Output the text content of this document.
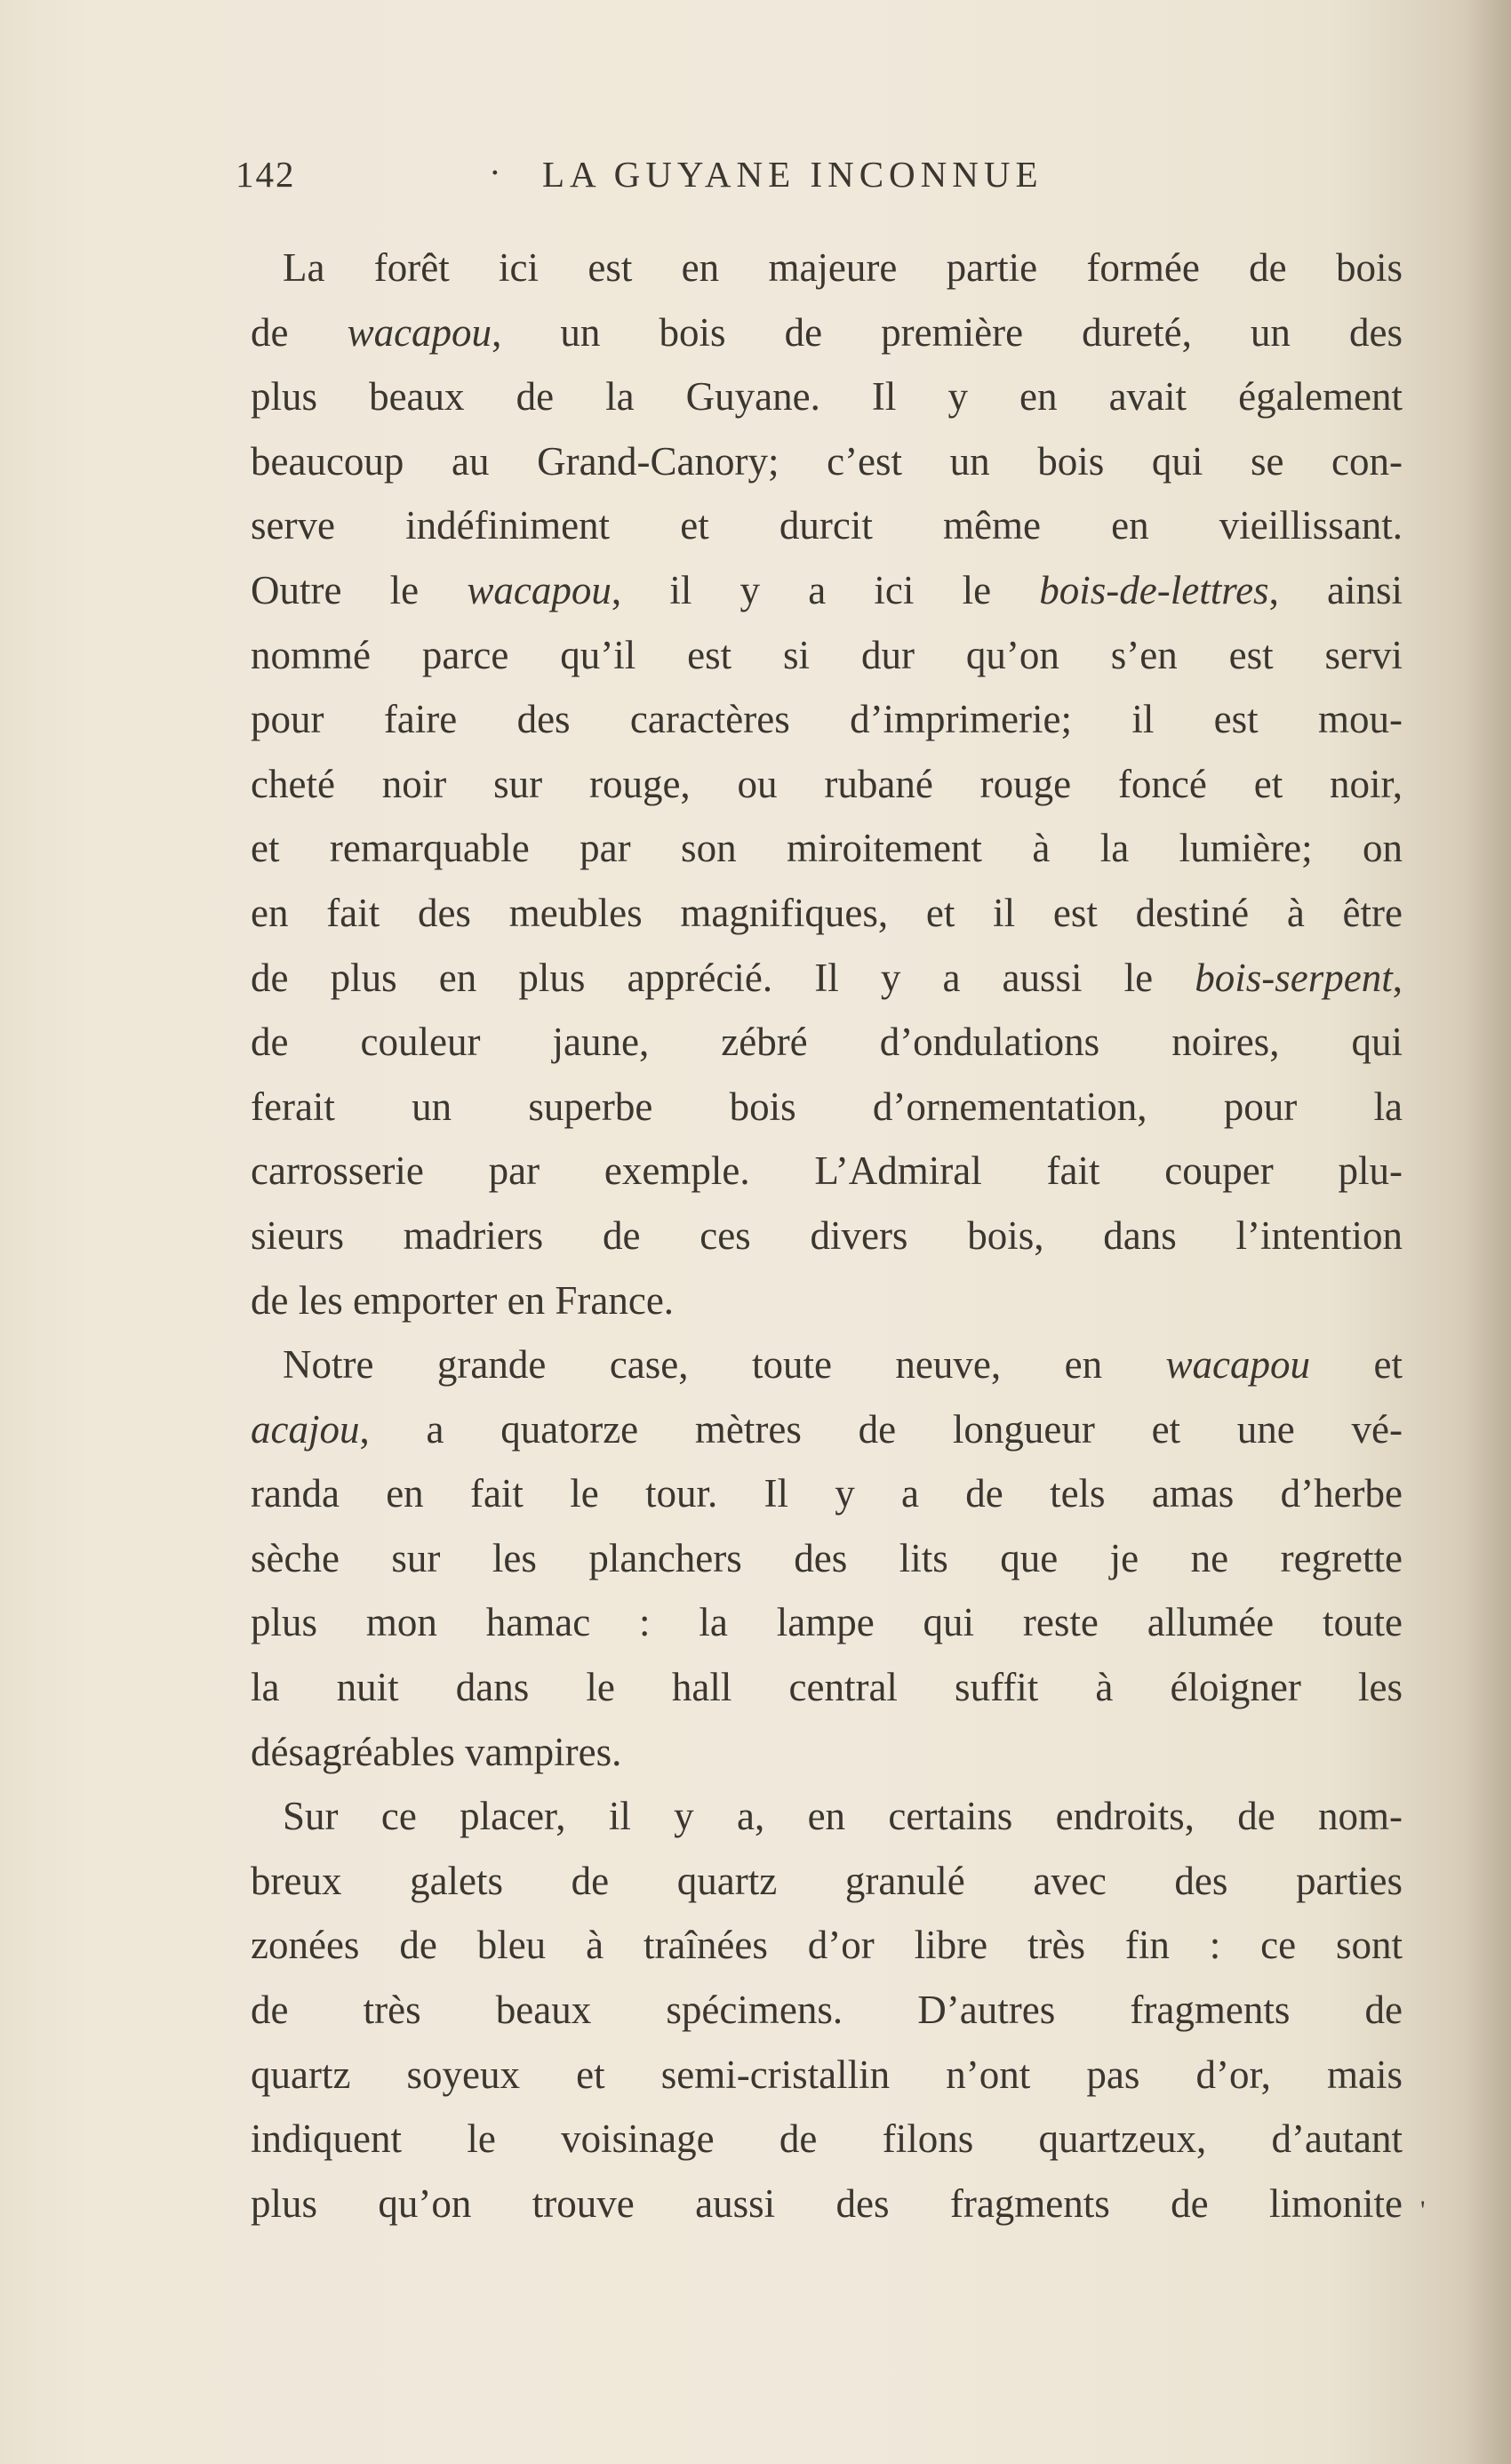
142	· LA GUYANE INCONNUE
La forêt ici est en majeure partie formée de bois
de wacapou, un bois de première dureté, un des
plus beaux de la Guyane. Il y en avait également
beaucoup au Grand-Canory; c’est un bois qui se con-
serve indéfiniment et durcit même en vieillissant.
Outre le wacapou, il y a ici le bois-de-lettres, ainsi
nommé parce qu’il est si dur qu’on s’en est servi
pour faire des caractères d’imprimerie; il est mou-
cheté noir sur rouge, ou rubané rouge foncé et noir,
et remarquable par son miroitement à la lumière; on
en fait des meubles magnifiques, et il est destiné à être
de plus en plus apprécié. Il y a aussi le bois-serpent,
de couleur jaune, zébré d’ondulations noires, qui
ferait un superbe bois d’ornementation, pour la
carrosserie par exemple. L’Admiral fait couper plu-
sieurs madriers de ces divers bois, dans l’intention
de les emporter en France.
Notre grande case, toute neuve, en wacapou et
acajou, a quatorze mètres de longueur et une vé-
randa en fait le tour. Il y a de tels amas d’herbe
sèche sur les planchers des lits que je ne regrette
plus mon hamac : la lampe qui reste allumée toute
la nuit dans le hall central suffit à éloigner les
désagréables vampires.
Sur ce placer, il y a, en certains endroits, de nom-
breux galets de quartz granulé avec des parties
zonées de bleu à traînées d’or libre très fin : ce sont
de très beaux spécimens. D’autres fragments de
quartz soyeux et semi-cristallin n’ont pas d’or, mais
indiquent le voisinage de filons quartzeux, d’autant
plus qu’on trouve aussi des fragments de limonite '
